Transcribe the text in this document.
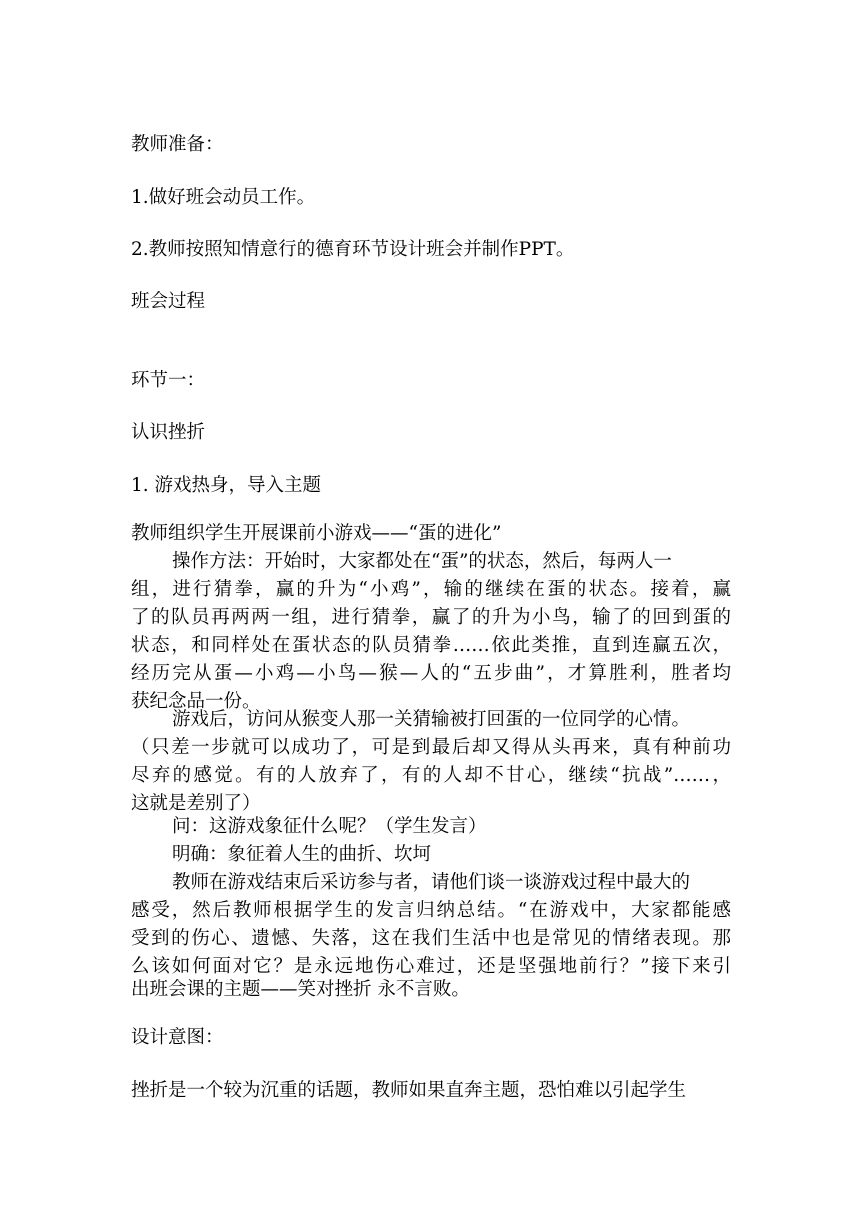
教师准备：
1.做好班会动员工作。
2.教师按照知情意行的德育环节设计班会并制作PPT。
班会过程
环节一：
认识挫折
1. 游戏热身，导入主题
教师组织学生开展课前小游戏——“蛋的进化”
操作方法：开始时，大家都处在“蛋”的状态，然后，每两人一
组，进行猜拳，赢的升为“小鸡”，输的继续在蛋的状态。接着，赢
了的队员再两两一组，进行猜拳，赢了的升为小鸟，输了的回到蛋的
状态，和同样处在蛋状态的队员猜拳……依此类推，直到连赢五次，
经历完从蛋—小鸡—小鸟—猴—人的“五步曲”，才算胜利，胜者均
获纪念品一份。
游戏后，访问从猴变人那一关猜输被打回蛋的一位同学的心情。
（只差一步就可以成功了，可是到最后却又得从头再来，真有种前功
尽弃的感觉。有的人放弃了，有的人却不甘心，继续“抗战”……，
这就是差别了）
问：这游戏象征什么呢？（学生发言）
明确：象征着人生的曲折、坎坷
教师在游戏结束后采访参与者，请他们谈一谈游戏过程中最大的
感受，然后教师根据学生的发言归纳总结。“在游戏中，大家都能感
受到的伤心、遗憾、失落，这在我们生活中也是常见的情绪表现。那
么该如何面对它？是永远地伤心难过，还是坚强地前行？”接下来引
出班会课的主题——笑对挫折 永不言败。
设计意图：
挫折是一个较为沉重的话题，教师如果直奔主题，恐怕难以引起学生
